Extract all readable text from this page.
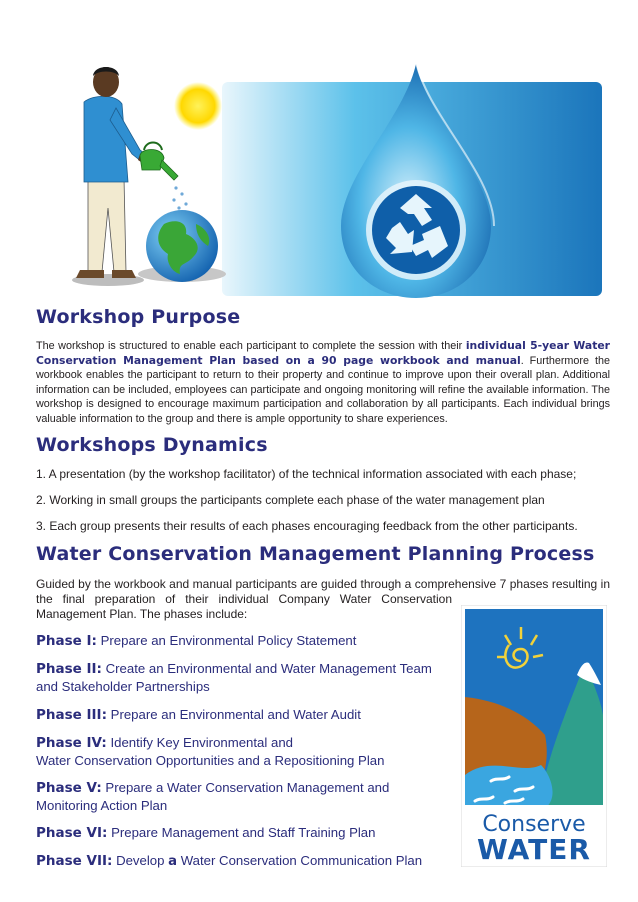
Workshop Purpose

The workshop is structured to enable each participant to complete the session with their individual 5-year Water Conservation Management Plan based on a 90 page workbook and manual. Furthermore the workbook enables the participant to return to their property and continue to improve upon their overall plan. Additional information can be included, employees can participate and ongoing monitoring will refine the available information. The workshop is designed to encourage maximum participation and collaboration by all participants. Each individual brings valuable information to the group and there is ample opportunity to share experiences.

Workshops Dynamics
1. A presentation (by the workshop facilitator) of the technical information associated with each phase;
2. Working in small groups the participants complete each phase of the water management plan
3. Each group presents their results of each phases encouraging feedback from the other participants.
Water Conservation Management Planning Process
Guided by the workbook and manual participants are guided through a comprehensive 7 phases resulting in
the final preparation of their individual Company Water Conservation
Management Plan. The phases include:
Phase I: Prepare an Environmental Policy Statement
Phase II: Create an Environmental and Water Management Team
and Stakeholder Partnerships
Phase III: Prepare an Environmental and Water Audit
Phase IV: Identify Key Environmental and
Water Conservation Opportunities and a Repositioning Plan
Phase V: Prepare a Water Conservation Management and
Monitoring Action Plan
Phase VI: Prepare Management and Staff Training Plan
Phase VII: Develop a Water Conservation Communication Plan
Conserve
WATER
